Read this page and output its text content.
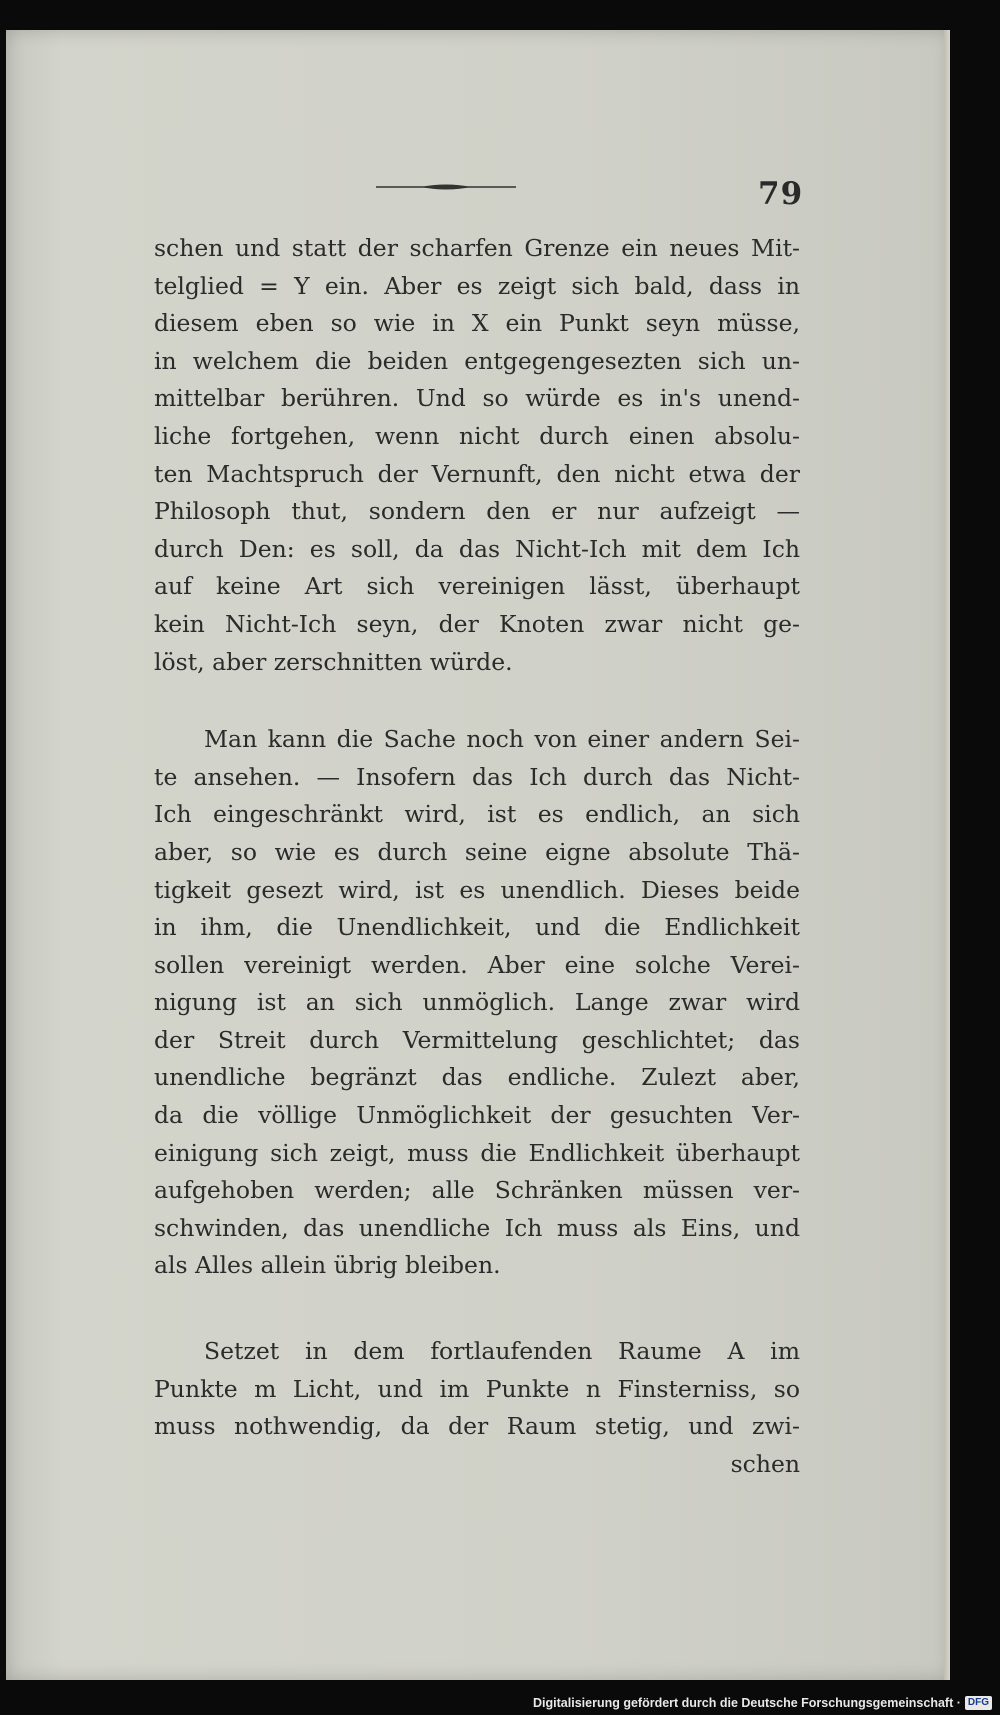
79
schen und statt der scharfen Grenze ein neues Mit-
telglied = Y ein. Aber es zeigt sich bald, dass in
diesem eben so wie in X ein Punkt seyn müsse,
in welchem die beiden entgegengesezten sich un-
mittelbar berühren. Und so würde es in's unend-
liche fortgehen, wenn nicht durch einen absolu-
ten Machtspruch der Vernunft, den nicht etwa der
Philosoph thut, sondern den er nur aufzeigt —
durch Den: es soll, da das Nicht-Ich mit dem Ich
auf keine Art sich vereinigen lässt, überhaupt
kein Nicht-Ich seyn, der Knoten zwar nicht ge-
löst, aber zerschnitten würde.
Man kann die Sache noch von einer andern Sei-
te ansehen. — Insofern das Ich durch das Nicht-
Ich eingeschränkt wird, ist es endlich, an sich
aber, so wie es durch seine eigne absolute Thä-
tigkeit gesezt wird, ist es unendlich. Dieses beide
in ihm, die Unendlichkeit, und die Endlichkeit
sollen vereinigt werden. Aber eine solche Verei-
nigung ist an sich unmöglich. Lange zwar wird
der Streit durch Vermittelung geschlichtet; das
unendliche begränzt das endliche. Zulezt aber,
da die völlige Unmöglichkeit der gesuchten Ver-
einigung sich zeigt, muss die Endlichkeit überhaupt
aufgehoben werden; alle Schränken müssen ver-
schwinden, das unendliche Ich muss als Eins, und
als Alles allein übrig bleiben.
Setzet in dem fortlaufenden Raume A im
Punkte m Licht, und im Punkte n Finsterniss, so
muss nothwendig, da der Raum stetig, und zwi-
schen
Digitalisierung gefördert durch die Deutsche Forschungsgemeinschaft · DFG
